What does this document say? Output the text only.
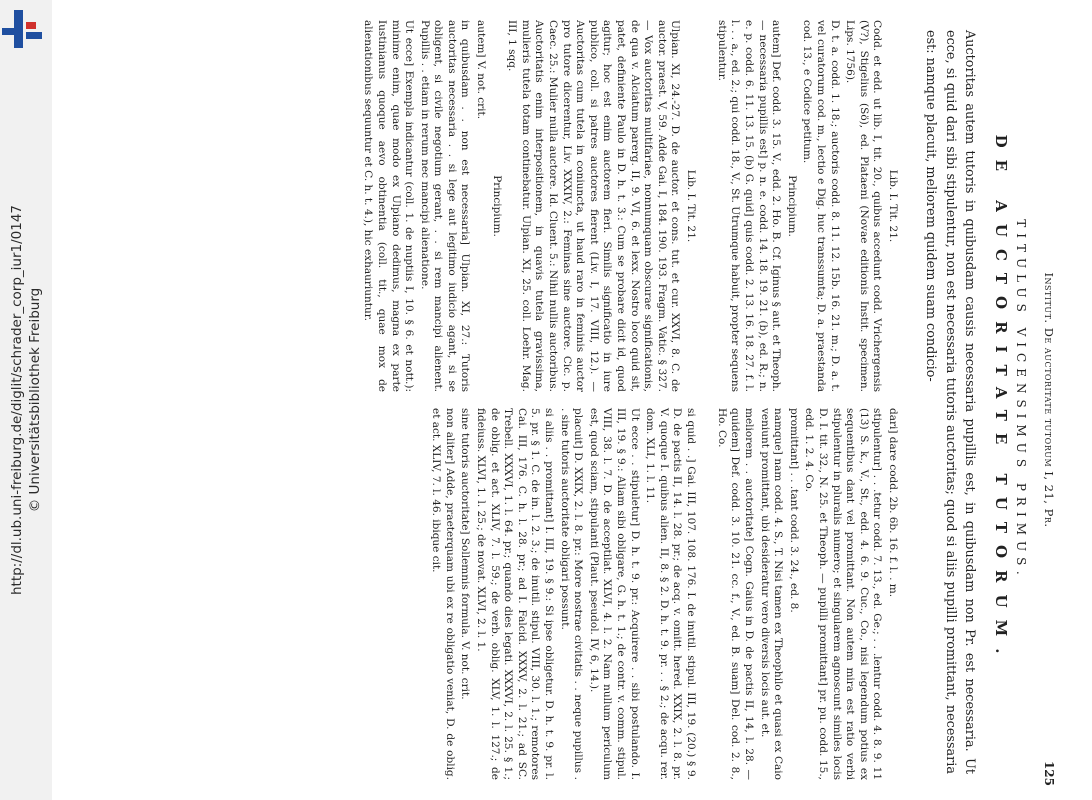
http://dl.ub.uni-freiburg.de/diglit/schrader_corp_iur1/0147 © Universitätsbibliothek Freiburg	Institut. De auctoritate tutorum I, 21, Pr.
125
TITULUS VICENSIMUS PRIMUS.
DE AUCTORITATE TUTORUM.
Auctoritas autem tutoris in quibusdam causis necessaria pupillis est, in quibusdam non Pr. est necessaria. Ut ecce, si quid dari sibi stipulentur, non est necessaria tutoris auctoritas; quod si aliis pupilli promittant, necessaria est: namque placuit, meliorem quidem suam condicio-

Lib. I. Tit. 21.

Codd. et edd. ut lib. I, tit. 20., quibus accedunt codd. Vrichergensis (V?), Stigelius (Sö), ed. Plataeni (Novae editionis Instit. specimen. Lips. 1756).

D. t. a. codd. 1. 18.; auctoris codd. 8. 11. 12. 15b. 16. 21. m.; D. a. t. vel curatorum cod. m., lectio e Dig. huc transsumta; D. a. praestanda cod. 13., e Codice petitum.

Principium.

autem] Def. codd. 3. 15. V., edd. 2. Ho. B. Cf. Iginus § aut. et Theoph. — necessaria pupillis est] p. n. e. codd. 14. 18. 19. 21. (b), ed. R.; n. e. p. codd. 6. 11. 13. 15. (b) G. quid] quis codd. 2. 13. 16. 18. 27. f. l. l. . . a., ed. 2.; qui codd. 18., V., St. Utrumque habuit, propter sequens stipulentur.

dari] dare codd. 2b. 6b. 16. f. l. . m.

stipulentur] . . .tetur codd. 7. 13., ed. Ge.; . . .lentur codd. 4. 8. 9. 11 (13) S. k., V., St., edd. 4. 6. 9. Cuc., Co., nisi legendum potius ex sequentibus dant vel promittant. Non autem mira est ratio verbi stipulentur in pluralis numero; et singularem agnoscunt similes locis D. I. tit. 32., N. 25. et Theoph. — pupilli promittant] pr. pu. codd. 15., edd. 1. 2. 4. Co.

promittant] . . .tant codd. 3. 24., ed. 8.

namque] nam codd. 4. S., T. Nisi tamen ex Theophilo et quasi ex Caio veniunt promittant, ubi desideratur vero diversis locis aut. et.

meliorem . . auctoritate] Cogn. Gaius in D. de pactis II, 14, l. 28. — quidem] Def. codd. 3. 10. 21. cc. f., V., ed. B. suam] Del. cod. 2. 8., Ho. Co.

Lib. I. Tit. 21.

Ulpian. XI, 24.-27. D. de auctor. et cons. tut. et cur. XXVI, 8. C. de auctor. praest. V, 59. Adde Gai. I, 184. 190. 193. Fragm. Vatic. § 327. — Vox auctoritas multifariae, nonnumquam obscurae significationis, de qua v. Alciatum parerg. II, 9. VI, 6. et lexx. Nostro loco quid sit, patet, definiente Paulo in D. h. t. 3.: Cum se probare dicit id, quod agitur; hoc est enim auctorem fieri. Similis significatio in iure publico, coll. si patres auctores fierent (Liv. I, 17. VIII, 12.). — Auctoritas cum tutela in coniuncta, ut haud raro in feminis auctor pro tutore dicerentur, Liv. XXXIV, 2.: Feminas sine auctore. Cic. p. Caec. 25.: Mulier nulla auctore. Id. Cluent. 5.: Nihil nullis auctoribus. Auctoritatis enim interpositionem, in quavis tutela gravissima, mulieris tutela totam continebatur. Ulpian. XI, 25. coll. Loehr. Mag. III, 1 sqq.

Principium.

autem] V. not. crit.

in quibusdam . . non est necessaria] Ulpian. XI, 27.: Tutoris auctoritas necessaria . . si lege aut legitimo iudicio agant, si se obligent, si civile negotium gerant, . . si rem mancipi alienent. Pupillis . . etiam in rerum nec mancipi alienatione.

Ut ecce] Exempla indicantur (coll. 1. de nuptiis I, 10. § 6. et nott.): minime enim, quae modo ex Ulpiano dedimus, magna ex parte Iustinianus quoque aevo obtinentia (coll. tit., quae mox de alienationibus sequuntur et C. h. t. 4.), hic exhauriuntur.

si quid . .] Gai. III, 107. 108. 176. I. de inutil. stipul. III, 19. (20.) § 9. D. de pactis II, 14. l. 28. pr.; de acq. v. omitt. hered. XXIX, 2. l. 8. pr. V. quoque I. quibus alien. II, 8. § 2. D. h. t. 9. pr. . . § 2.; de acqu. rer. dom. XLI, 1. l. 11.

Ut ecce . . stipuletur] D. h. t. 9. pr.: Acquirere . . sibi postulando. I. III, 19. § 9.: Aliam sibi obligare, G. h. t. 1.; de contr. v. comm. stipul. VIII, 38. l. 7. D. de acceptilat. XLVI, 4. l. 2. Nam nullum periculum est, quod sciam, stipulanti (Plaut. pseudol. IV, 6, 14.).

placuit] D. XXIX, 2. l. 8. pr.: More nostrae civitatis . . neque pupillus . . sine tutoris auctoritate obligari possunt.

si aliis . . promittant] I. III, 19. § 9.: Si ipse obligetur. D. h. t. 9. pr. l. 5. pr. § 1. C. de in. l. 2. 3.; de inutil. stipul. VIII, 30. l. 1.; remotores Cai. III, 176. C. h. l. 28. pr.; ad I. Falcid. XXXV, 2. l. 21.; ad SC. Trebell. XXXVI, 1. l. 64. pr.; quando dies legati. XXXVI, 2. l. 25. § 1.; de oblig. et act. XLIV, 7. l. 59.; de verb. oblig. XLV, 1. l. 127.; de fideiuss. XLVI, 1. l. 25.; de novat. XLVI, 2. l. 1.

sine tutoris auctoritate] Sollemnis formula. V. not. crit.

non aliter] Adde, praeterquam ubi ex re obligatio veniat, D. de oblig. et act. XLIV, 7. l. 46. ibique cit.
